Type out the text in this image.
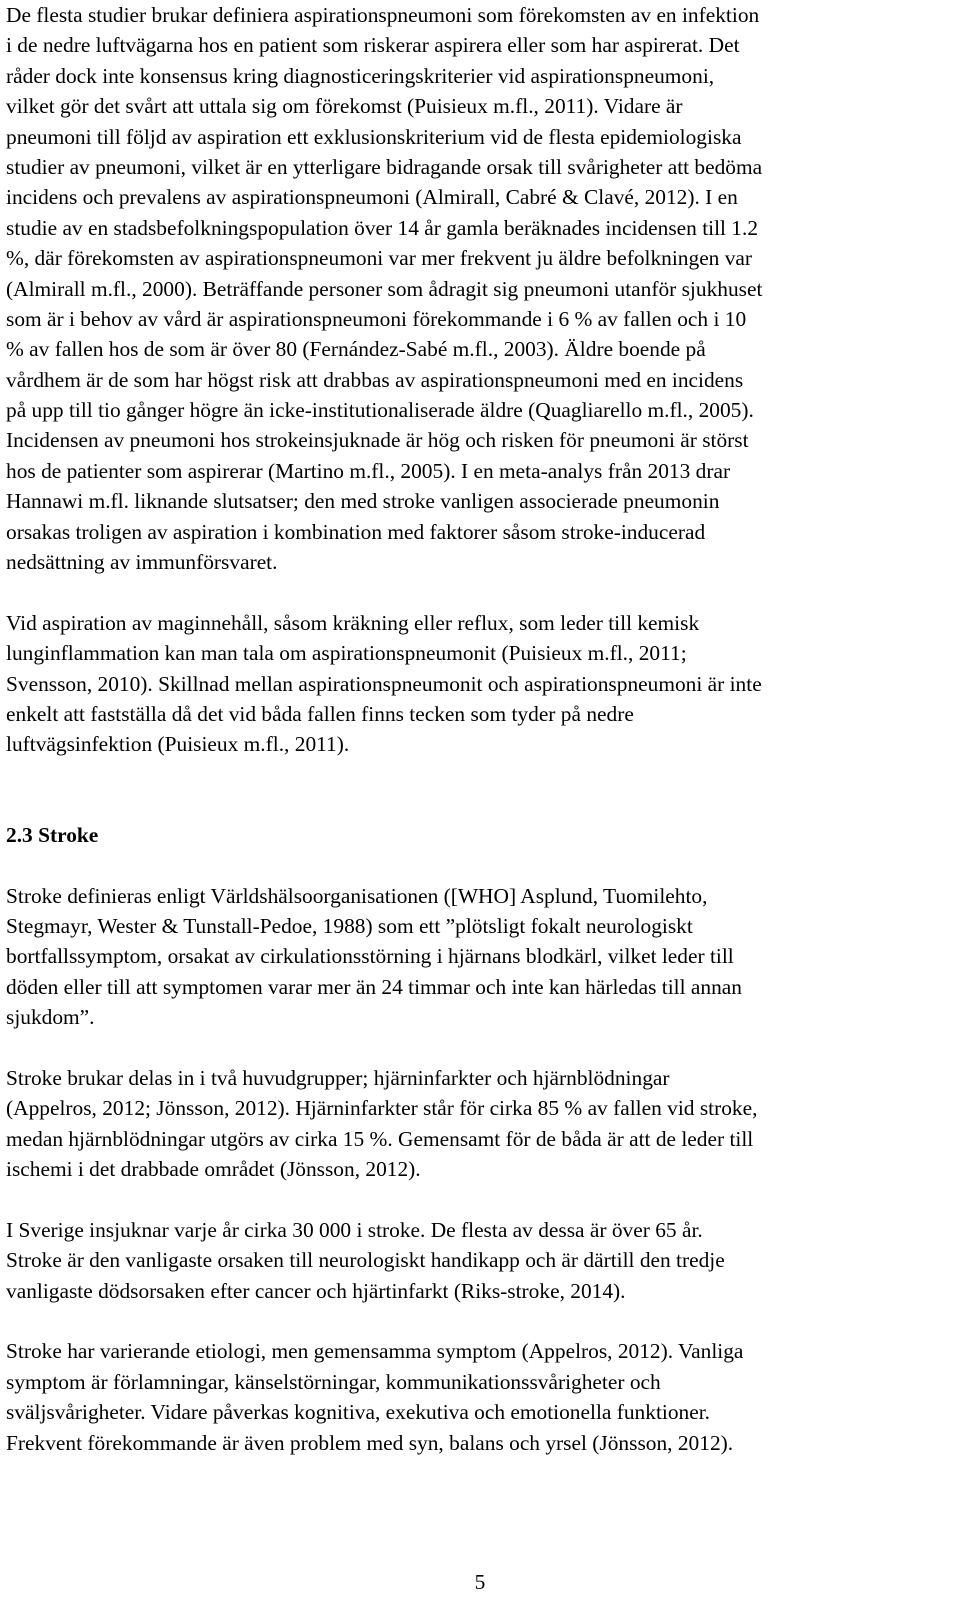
De flesta studier brukar definiera aspirationspneumoni som förekomsten av en infektion
i de nedre luftvägarna hos en patient som riskerar aspirera eller som har aspirerat. Det
råder dock inte konsensus kring diagnosticeringskriterier vid aspirationspneumoni,
vilket gör det svårt att uttala sig om förekomst (Puisieux m.fl., 2011). Vidare är
pneumoni till följd av aspiration ett exklusionskriterium vid de flesta epidemiologiska
studier av pneumoni, vilket är en ytterligare bidragande orsak till svårigheter att bedöma
incidens och prevalens av aspirationspneumoni (Almirall, Cabré & Clavé, 2012). I en
studie av en stadsbefolkningspopulation över 14 år gamla beräknades incidensen till 1.2
%, där förekomsten av aspirationspneumoni var mer frekvent ju äldre befolkningen var
(Almirall m.fl., 2000). Beträffande personer som ådragit sig pneumoni utanför sjukhuset
som är i behov av vård är aspirationspneumoni förekommande i 6 % av fallen och i 10
% av fallen hos de som är över 80 (Fernández-Sabé m.fl., 2003). Äldre boende på
vårdhem är de som har högst risk att drabbas av aspirationspneumoni med en incidens
på upp till tio gånger högre än icke-institutionaliserade äldre (Quagliarello m.fl., 2005).
Incidensen av pneumoni hos strokeinsjuknade är hög och risken för pneumoni är störst
hos de patienter som aspirerar (Martino m.fl., 2005). I en meta-analys från 2013 drar
Hannawi m.fl. liknande slutsatser; den med stroke vanligen associerade pneumonin
orsakas troligen av aspiration i kombination med faktorer såsom stroke-inducerad
nedsättning av immunförsvaret.

Vid aspiration av maginnehåll, såsom kräkning eller reflux, som leder till kemisk
lunginflammation kan man tala om aspirationspneumonit (Puisieux m.fl., 2011;
Svensson, 2010). Skillnad mellan aspirationspneumonit och aspirationspneumoni är inte
enkelt att fastställa då det vid båda fallen finns tecken som tyder på nedre
luftvägsinfektion (Puisieux m.fl., 2011).

2.3 Stroke

Stroke definieras enligt Världshälsoorganisationen ([WHO] Asplund, Tuomilehto,
Stegmayr, Wester & Tunstall-Pedoe, 1988) som ett ”plötsligt fokalt neurologiskt
bortfallssymptom, orsakat av cirkulationsstörning i hjärnans blodkärl, vilket leder till
döden eller till att symptomen varar mer än 24 timmar och inte kan härledas till annan
sjukdom”.

Stroke brukar delas in i två huvudgrupper; hjärninfarkter och hjärnblödningar
(Appelros, 2012; Jönsson, 2012). Hjärninfarkter står för cirka 85 % av fallen vid stroke,
medan hjärnblödningar utgörs av cirka 15 %. Gemensamt för de båda är att de leder till
ischemi i det drabbade området (Jönsson, 2012).

I Sverige insjuknar varje år cirka 30 000 i stroke. De flesta av dessa är över 65 år.
Stroke är den vanligaste orsaken till neurologiskt handikapp och är därtill den tredje
vanligaste dödsorsaken efter cancer och hjärtinfarkt (Riks-stroke, 2014).

Stroke har varierande etiologi, men gemensamma symptom (Appelros, 2012). Vanliga
symptom är förlamningar, känselstörningar, kommunikationssvårigheter och
sväljsvårigheter. Vidare påverkas kognitiva, exekutiva och emotionella funktioner.
Frekvent förekommande är även problem med syn, balans och yrsel (Jönsson, 2012).

5
